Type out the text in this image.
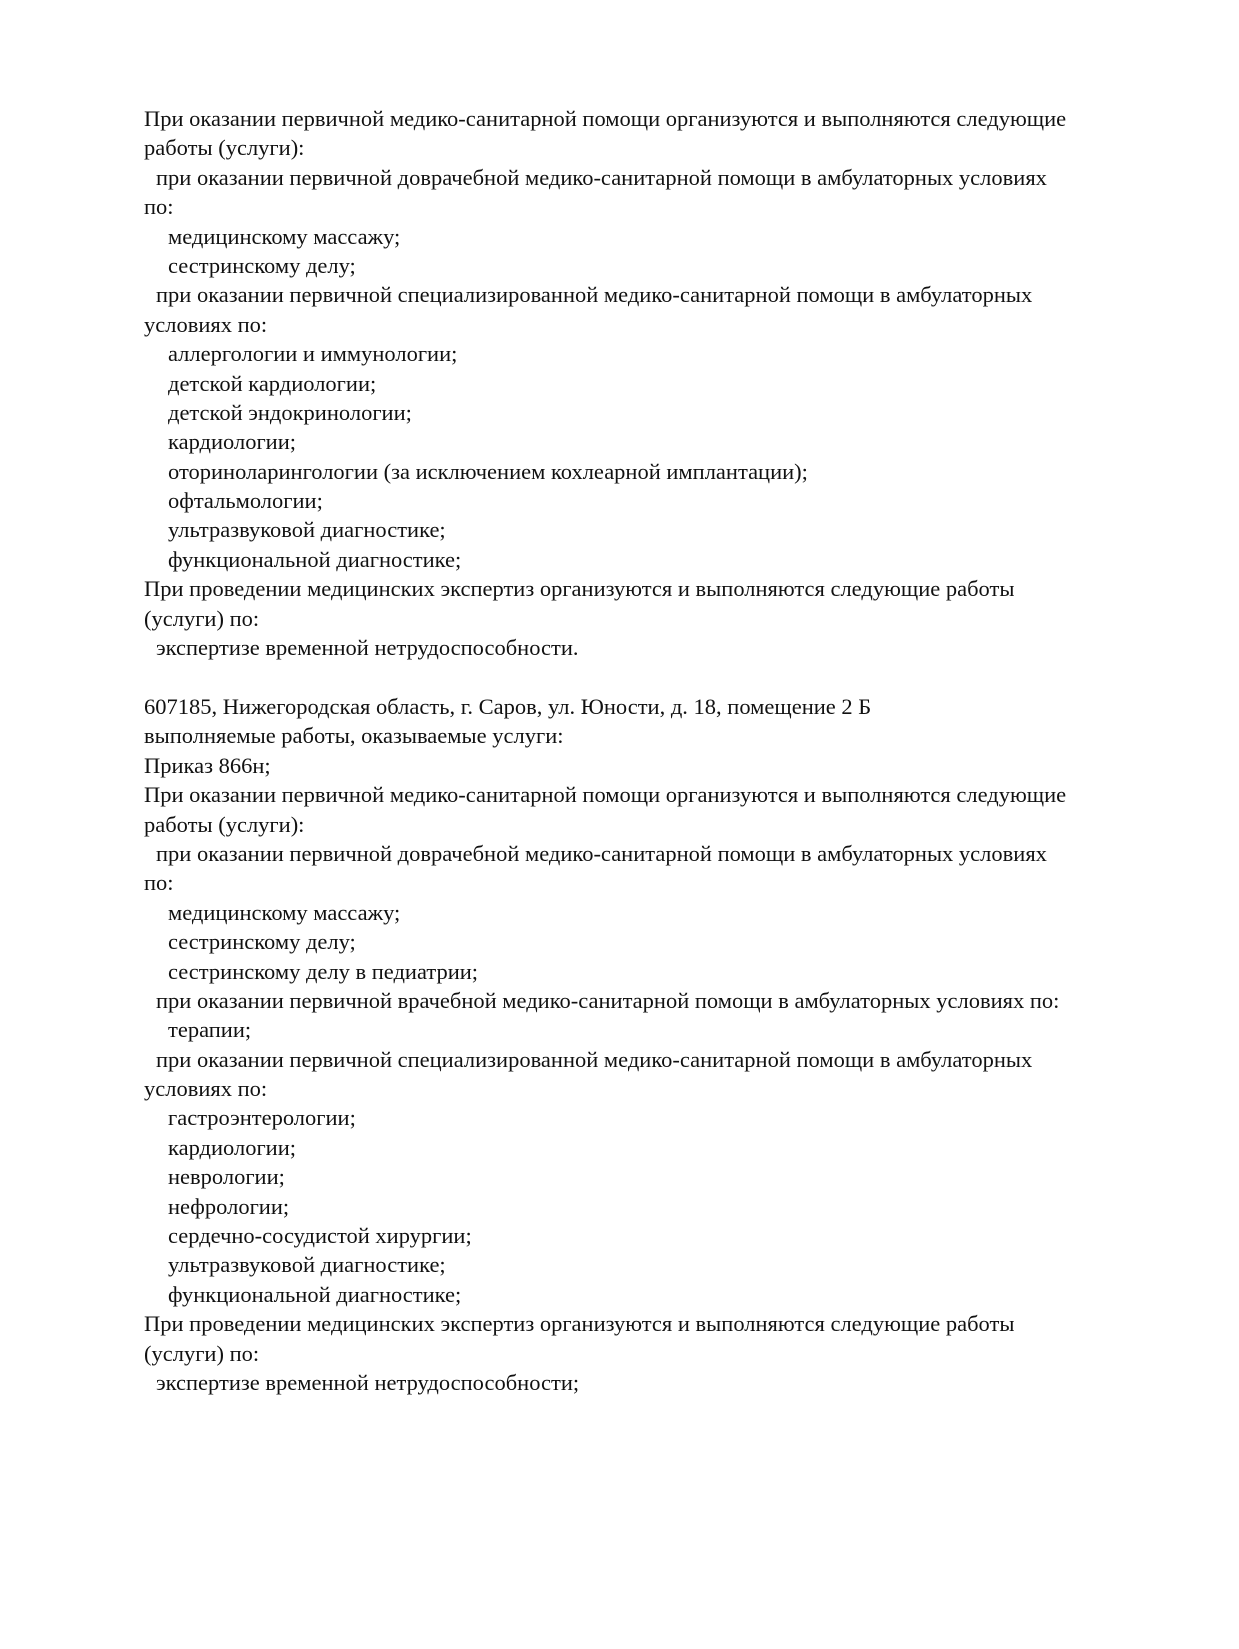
При оказании первичной медико-санитарной помощи организуются и выполняются следующие
работы (услуги):
при оказании первичной доврачебной медико-санитарной помощи в амбулаторных условиях
по:
медицинскому массажу;
сестринскому делу;
при оказании первичной специализированной медико-санитарной помощи в амбулаторных
условиях по:
аллергологии и иммунологии;
детской кардиологии;
детской эндокринологии;
кардиологии;
оториноларингологии (за исключением кохлеарной имплантации);
офтальмологии;
ультразвуковой диагностике;
функциональной диагностике;
При проведении медицинских экспертиз организуются и выполняются следующие работы
(услуги) по:
экспертизе временной нетрудоспособности.
607185, Нижегородская область, г. Саров, ул. Юности, д. 18, помещение 2 Б
выполняемые работы, оказываемые услуги:
Приказ 866н;
При оказании первичной медико-санитарной помощи организуются и выполняются следующие
работы (услуги):
при оказании первичной доврачебной медико-санитарной помощи в амбулаторных условиях
по:
медицинскому массажу;
сестринскому делу;
сестринскому делу в педиатрии;
при оказании первичной врачебной медико-санитарной помощи в амбулаторных условиях по:
терапии;
при оказании первичной специализированной медико-санитарной помощи в амбулаторных
условиях по:
гастроэнтерологии;
кардиологии;
неврологии;
нефрологии;
сердечно-сосудистой хирургии;
ультразвуковой диагностике;
функциональной диагностике;
При проведении медицинских экспертиз организуются и выполняются следующие работы
(услуги) по:
экспертизе временной нетрудоспособности;
